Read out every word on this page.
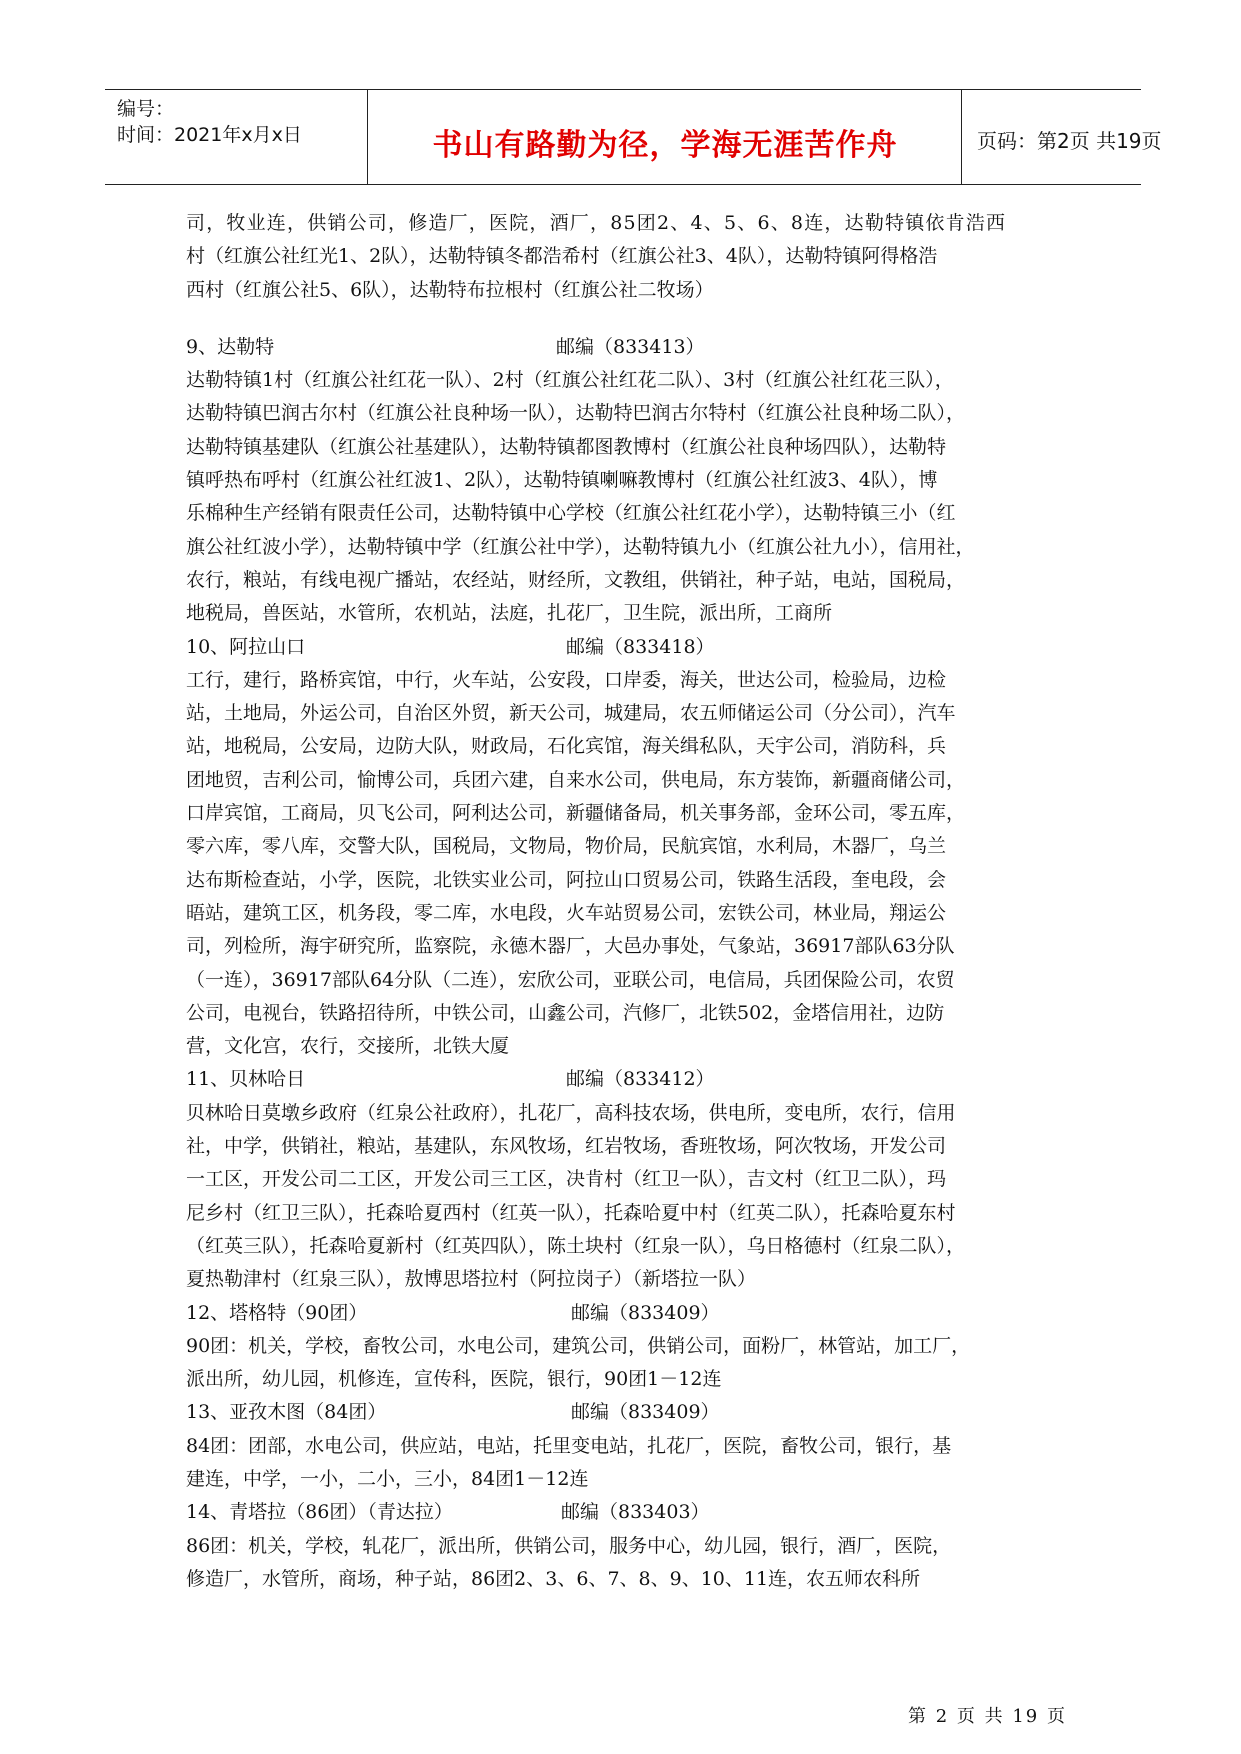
编号：
时间：2021年x月x日	书山有路勤为径，学海无涯苦作舟	页码：第2页 共19页
司，牧业连，供销公司，修造厂，医院，酒厂，85团2、4、5、6、8连，达勒特镇依肯浩西
村（红旗公社红光1、2队），达勒特镇冬都浩希村（红旗公社3、4队），达勒特镇阿得格浩
西村（红旗公社5、6队），达勒特布拉根村（红旗公社二牧场）
9、达勒特	邮编（833413）
达勒特镇1村（红旗公社红花一队）、2村（红旗公社红花二队）、3村（红旗公社红花三队），
达勒特镇巴润古尔村（红旗公社良种场一队），达勒特巴润古尔特村（红旗公社良种场二队），
达勒特镇基建队（红旗公社基建队），达勒特镇都图教博村（红旗公社良种场四队），达勒特
镇呼热布呼村（红旗公社红波1、2队），达勒特镇喇嘛教博村（红旗公社红波3、4队），博
乐棉种生产经销有限责任公司，达勒特镇中心学校（红旗公社红花小学），达勒特镇三小（红
旗公社红波小学），达勒特镇中学（红旗公社中学），达勒特镇九小（红旗公社九小），信用社，
农行，粮站，有线电视广播站，农经站，财经所，文教组，供销社，种子站，电站，国税局，
地税局，兽医站，水管所，农机站，法庭，扎花厂，卫生院，派出所，工商所
10、阿拉山口	邮编（833418）
工行，建行，路桥宾馆，中行，火车站，公安段，口岸委，海关，世达公司，检验局，边检
站，土地局，外运公司，自治区外贸，新天公司，城建局，农五师储运公司（分公司），汽车
站，地税局，公安局，边防大队，财政局，石化宾馆，海关缉私队，天宇公司，消防科，兵
团地贸，吉利公司，愉博公司，兵团六建，自来水公司，供电局，东方装饰，新疆商储公司，
口岸宾馆，工商局，贝飞公司，阿利达公司，新疆储备局，机关事务部，金环公司，零五库，
零六库，零八库，交警大队，国税局，文物局，物价局，民航宾馆，水利局，木器厂，乌兰
达布斯检查站，小学，医院，北铁实业公司，阿拉山口贸易公司，铁路生活段，奎电段，会
晤站，建筑工区，机务段，零二库，水电段，火车站贸易公司，宏铁公司，林业局，翔运公
司，列检所，海宇研究所，监察院，永德木器厂，大邑办事处，气象站，36917部队63分队
（一连），36917部队64分队（二连），宏欣公司，亚联公司，电信局，兵团保险公司，农贸
公司，电视台，铁路招待所，中铁公司，山鑫公司，汽修厂，北铁502，金塔信用社，边防
营，文化宫，农行，交接所，北铁大厦
11、贝林哈日	邮编（833412）
贝林哈日莫墩乡政府（红泉公社政府），扎花厂，高科技农场，供电所，变电所，农行，信用
社，中学，供销社，粮站，基建队，东风牧场，红岩牧场，香班牧场，阿次牧场，开发公司
一工区，开发公司二工区，开发公司三工区，决肯村（红卫一队），吉文村（红卫二队），玛
尼乡村（红卫三队），托森哈夏西村（红英一队），托森哈夏中村（红英二队），托森哈夏东村
（红英三队），托森哈夏新村（红英四队），陈土块村（红泉一队），乌日格德村（红泉二队），
夏热勒津村（红泉三队），敖博思塔拉村（阿拉岗子）（新塔拉一队）
12、塔格特（90团）	邮编（833409）
90团：机关，学校，畜牧公司，水电公司，建筑公司，供销公司，面粉厂，林管站，加工厂，
派出所，幼儿园，机修连，宣传科，医院，银行，90团1－12连
13、亚孜木图（84团）	邮编（833409）
84团：团部，水电公司，供应站，电站，托里变电站，扎花厂，医院，畜牧公司，银行，基
建连，中学，一小，二小，三小，84团1－12连
14、青塔拉（86团）（青达拉）	邮编（833403）
86团：机关，学校，轧花厂，派出所，供销公司，服务中心，幼儿园，银行，酒厂，医院，
修造厂，水管所，商场，种子站，86团2、3、6、7、8、9、10、11连，农五师农科所
第 2 页 共 19 页
